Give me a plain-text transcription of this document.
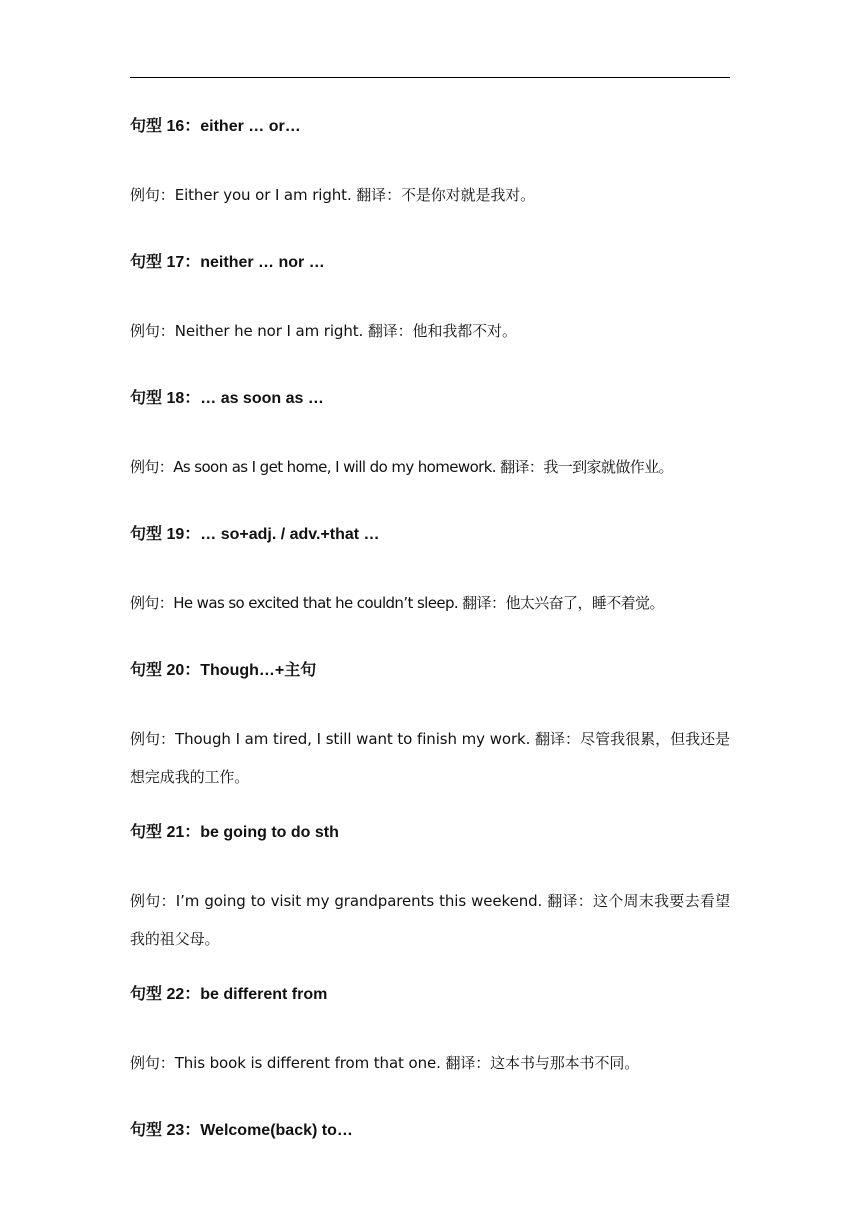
句型 16：either … or…
例句：Either you or I am right. 翻译：不是你对就是我对。
句型 17：neither … nor …
例句：Neither he nor I am right. 翻译：他和我都不对。
句型 18：… as soon as …
例句：As soon as I get home, I will do my homework. 翻译：我一到家就做作业。
句型 19：… so+adj. / adv.+that …
例句：He was so excited that he couldn’t sleep. 翻译：他太兴奋了，睡不着觉。
句型 20：Though…+主句
例句：Though I am tired, I still want to finish my work. 翻译：尽管我很累，但我还是想完成我的工作。
句型 21：be going to do sth
例句：I’m going to visit my grandparents this weekend. 翻译：这个周末我要去看望我的祖父母。
句型 22：be different from
例句：This book is different from that one. 翻译：这本书与那本书不同。
句型 23：Welcome(back) to…
